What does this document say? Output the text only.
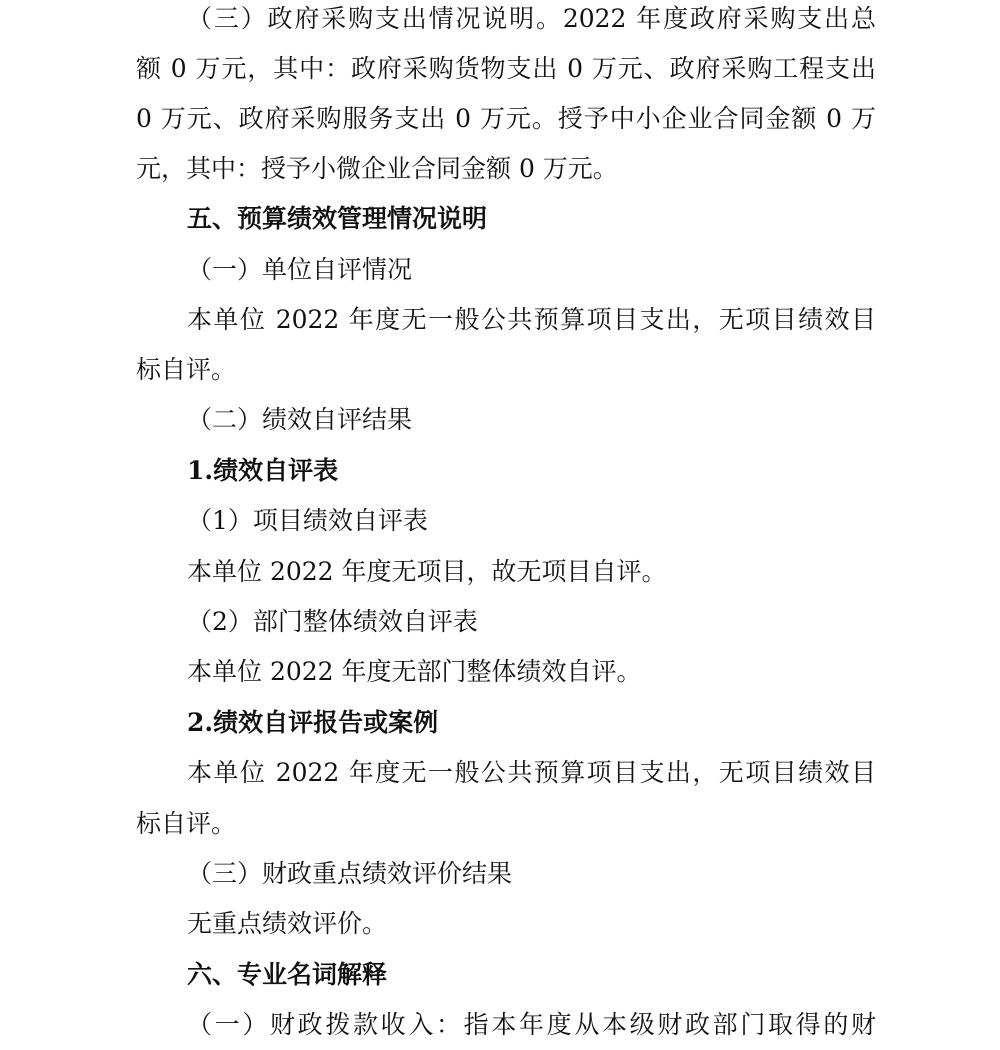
（三）政府采购支出情况说明。2022 年度政府采购支出总
额 0 万元，其中：政府采购货物支出 0 万元、政府采购工程支出
0 万元、政府采购服务支出 0 万元。授予中小企业合同金额 0 万
元，其中：授予小微企业合同金额 0 万元。
五、预算绩效管理情况说明
（一）单位自评情况
本单位 2022 年度无一般公共预算项目支出，无项目绩效目
标自评。
（二）绩效自评结果
1.绩效自评表
（1）项目绩效自评表
本单位 2022 年度无项目，故无项目自评。
（2）部门整体绩效自评表
本单位 2022 年度无部门整体绩效自评。
2.绩效自评报告或案例
本单位 2022 年度无一般公共预算项目支出，无项目绩效目
标自评。
（三）财政重点绩效评价结果
无重点绩效评价。
六、专业名词解释
（一）财政拨款收入：指本年度从本级财政部门取得的财
